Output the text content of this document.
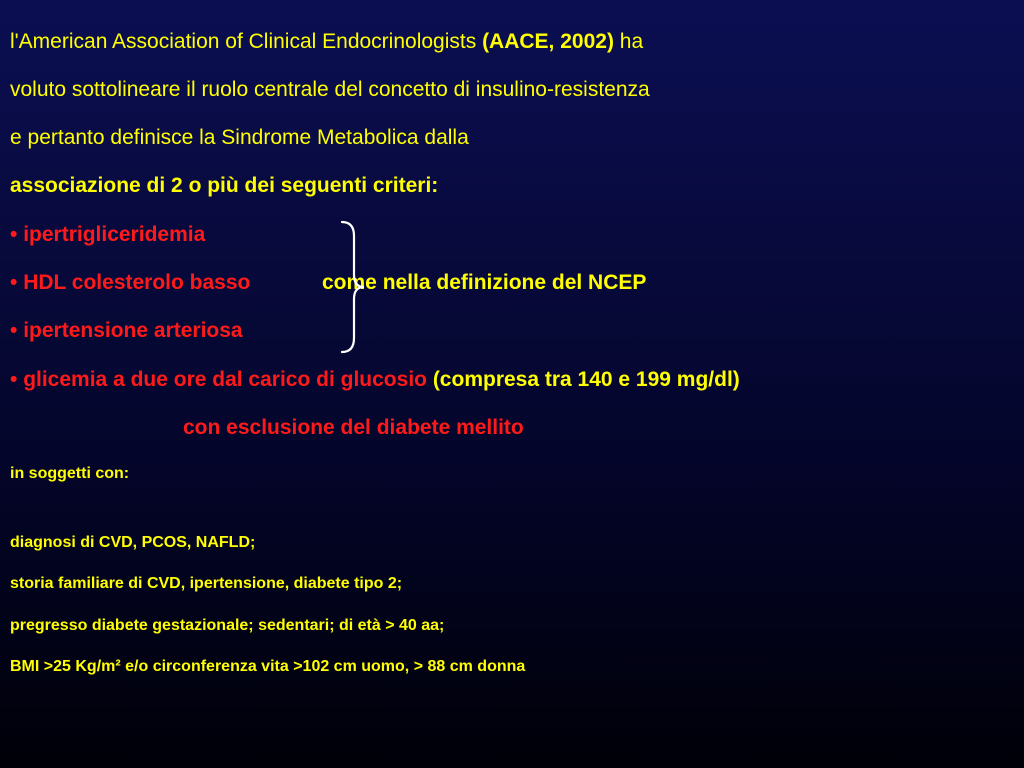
l'American Association of Clinical Endocrinologists (AACE, 2002) ha
voluto sottolineare il ruolo centrale del concetto di insulino-resistenza
e pertanto definisce la Sindrome Metabolica dalla
associazione di 2 o più dei seguenti criteri:
• ipertrigliceridemia
• HDL colesterolo basso	come nella definizione del NCEP
• ipertensione arteriosa
• glicemia a due ore dal carico di glucosio (compresa tra 140 e 199 mg/dl)
con esclusione del diabete mellito
in soggetti con:
diagnosi di CVD, PCOS, NAFLD;
storia familiare di CVD, ipertensione, diabete tipo 2;
pregresso diabete gestazionale; sedentari; di età > 40 aa;
BMI >25 Kg/m² e/o circonferenza vita >102 cm uomo, > 88 cm donna
